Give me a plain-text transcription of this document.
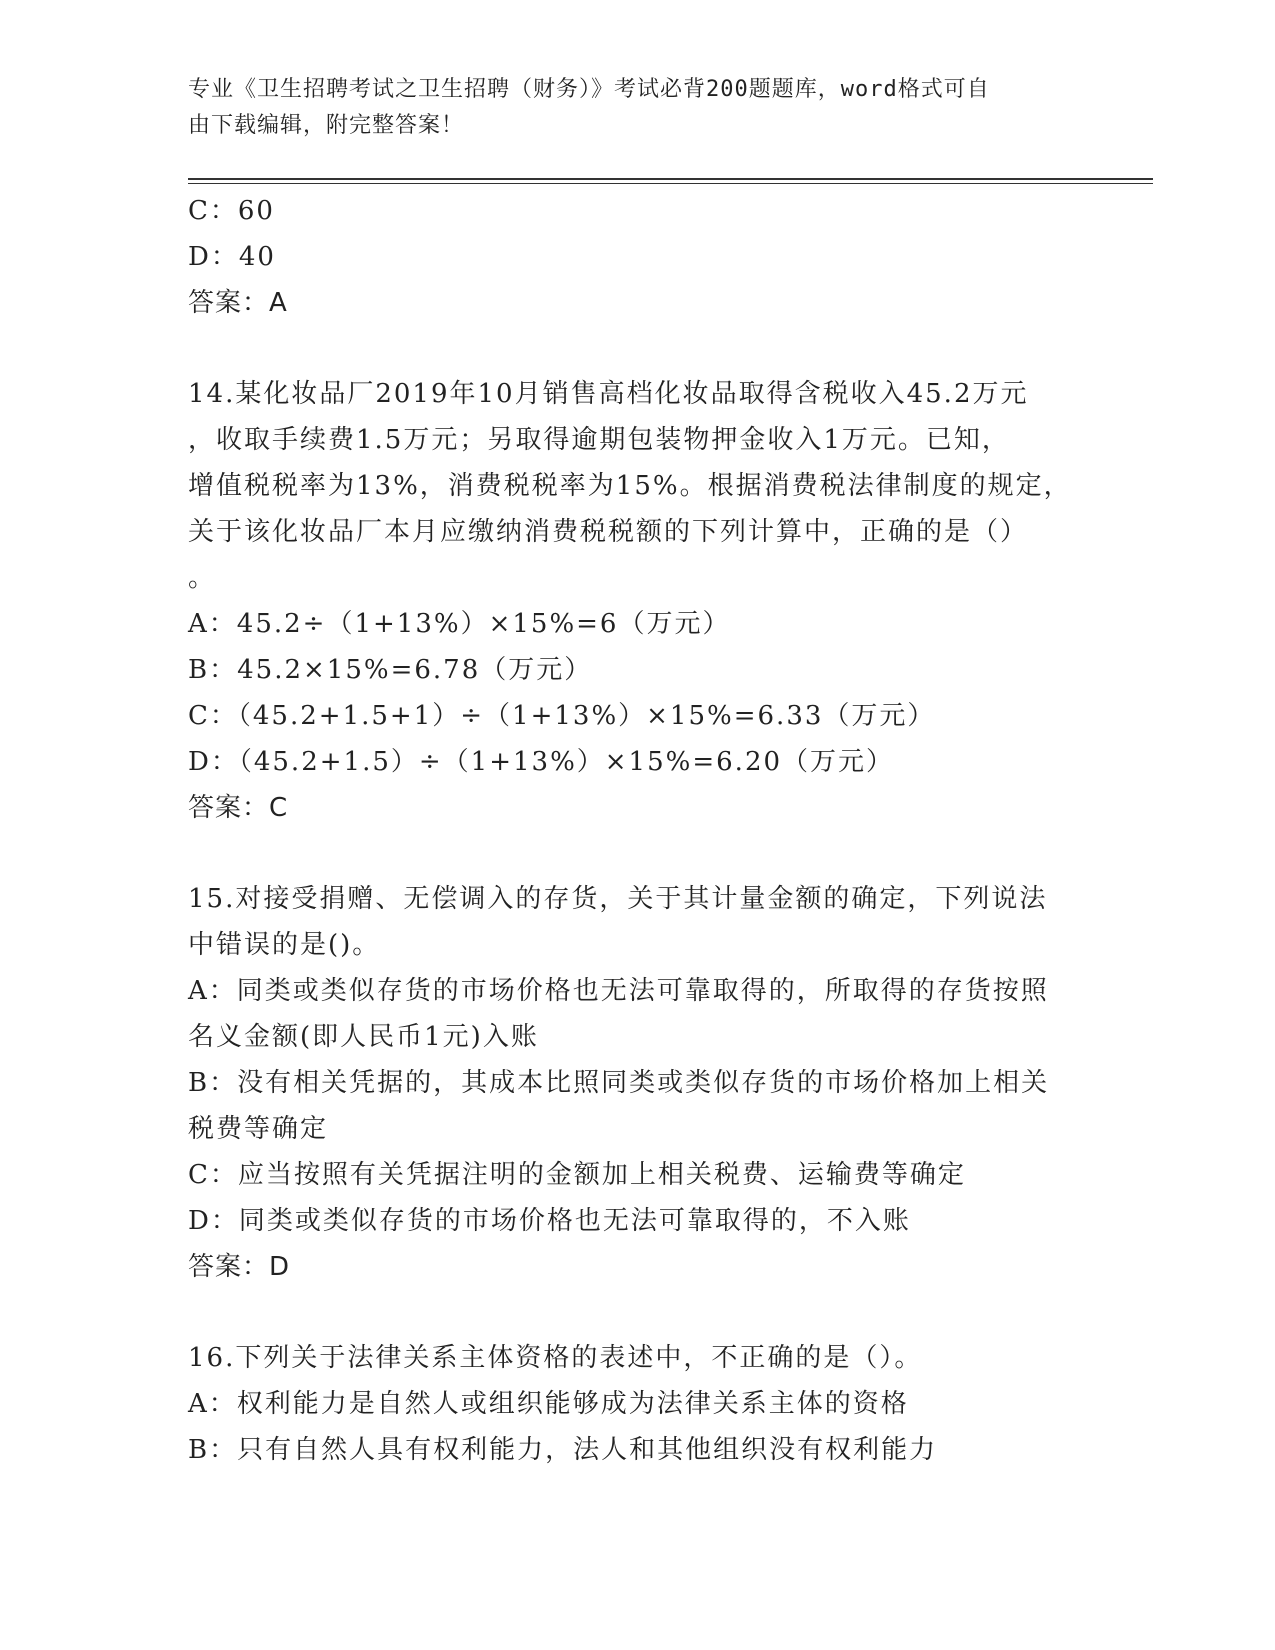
专业《卫生招聘考试之卫生招聘（财务）》考试必背200题题库，word格式可自
由下载编辑，附完整答案！
C：60
D：40
答案：A
14.某化妆品厂2019年10月销售高档化妆品取得含税收入45.2万元
，收取手续费1.5万元；另取得逾期包装物押金收入1万元。已知，
增值税税率为13%，消费税税率为15%。根据消费税法律制度的规定，
关于该化妆品厂本月应缴纳消费税税额的下列计算中，正确的是（）
。
A：45.2÷（1+13%）×15%=6（万元）
B：45.2×15%=6.78（万元）
C：（45.2+1.5+1）÷（1+13%）×15%=6.33（万元）
D：（45.2+1.5）÷（1+13%）×15%=6.20（万元）
答案：C
15.对接受捐赠、无偿调入的存货，关于其计量金额的确定，下列说法
中错误的是()。
A：同类或类似存货的市场价格也无法可靠取得的，所取得的存货按照
名义金额(即人民币1元)入账
B：没有相关凭据的，其成本比照同类或类似存货的市场价格加上相关
税费等确定
C：应当按照有关凭据注明的金额加上相关税费、运输费等确定
D：同类或类似存货的市场价格也无法可靠取得的，不入账
答案：D
16.下列关于法律关系主体资格的表述中，不正确的是（）。
A：权利能力是自然人或组织能够成为法律关系主体的资格
B：只有自然人具有权利能力，法人和其他组织没有权利能力
